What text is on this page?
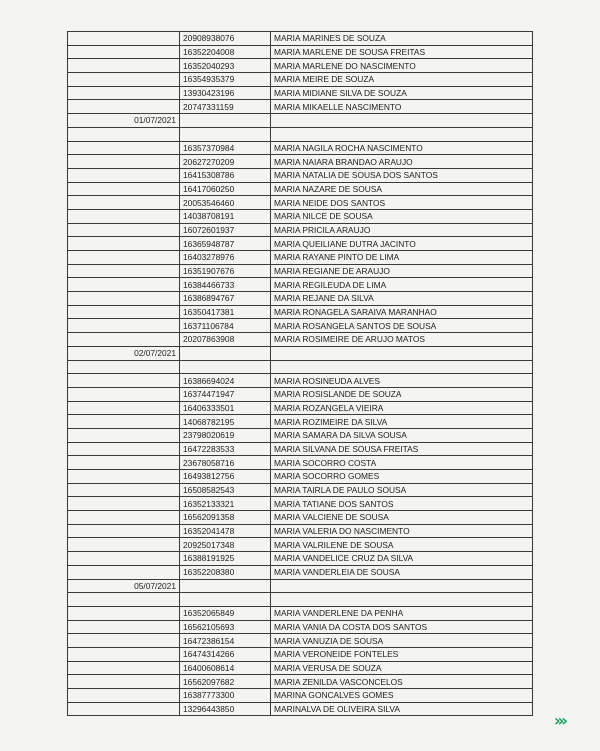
	20908938076	MARIA MARINES DE SOUZA
	16352204008	MARIA MARLENE DE SOUSA FREITAS
	16352040293	MARIA MARLENE DO NASCIMENTO
	16354935379	MARIA MEIRE DE SOUZA
	13930423196	MARIA MIDIANE SILVA DE SOUZA
	20747331159	MARIA MIKAELLE NASCIMENTO
01/07/2021		

	16357370984	MARIA NAGILA ROCHA NASCIMENTO
	20627270209	MARIA NAIARA BRANDAO ARAUJO
	16415308786	MARIA NATALIA DE SOUSA DOS SANTOS
	16417060250	MARIA NAZARE DE SOUSA
	20053546460	MARIA NEIDE DOS SANTOS
	14038708191	MARIA NILCE DE SOUSA
	16072601937	MARIA PRICILA ARAUJO
	16365948787	MARIA QUEILIANE DUTRA JACINTO
	16403278976	MARIA RAYANE PINTO DE LIMA
	16351907676	MARIA REGIANE DE ARAUJO
	16384466733	MARIA REGILEUDA DE LIMA
	16386894767	MARIA REJANE DA SILVA
	16350417381	MARIA RONAGELA SARAIVA MARANHAO
	16371106784	MARIA ROSANGELA SANTOS DE SOUSA
	20207863908	MARIA ROSIMEIRE DE ARUJO MATOS
02/07/2021		

	16386694024	MARIA ROSINEUDA ALVES
	16374471947	MARIA ROSISLANDE DE SOUZA
	16406333501	MARIA ROZANGELA VIEIRA
	14068782195	MARIA ROZIMEIRE DA SILVA
	23798020619	MARIA SAMARA DA SILVA SOUSA
	16472283533	MARIA SILVANA DE SOUSA FREITAS
	23678058716	MARIA SOCORRO COSTA
	16493812756	MARIA SOCORRO GOMES
	16508582543	MARIA TAIRLA DE PAULO SOUSA
	16352133321	MARIA TATIANE DOS SANTOS
	16562091358	MARIA VALCIENE DE SOUSA
	16352041478	MARIA VALERIA DO NASCIMENTO
	20925017348	MARIA VALRILENE DE SOUSA
	16388191925	MARIA VANDELICE CRUZ DA SILVA
	16352208380	MARIA VANDERLEIA DE SOUSA
05/07/2021		

	16352065849	MARIA VANDERLENE DA PENHA
	16562105693	MARIA VANIA DA COSTA DOS SANTOS
	16472386154	MARIA VANUZIA DE SOUSA
	16474314266	MARIA VERONEIDE FONTELES
	16400608614	MARIA VERUSA DE SOUZA
	16562097682	MARIA ZENILDA VASCONCELOS
	16387773300	MARINA GONCALVES GOMES
	13296443850	MARINALVA DE OLIVEIRA SILVA
›››
